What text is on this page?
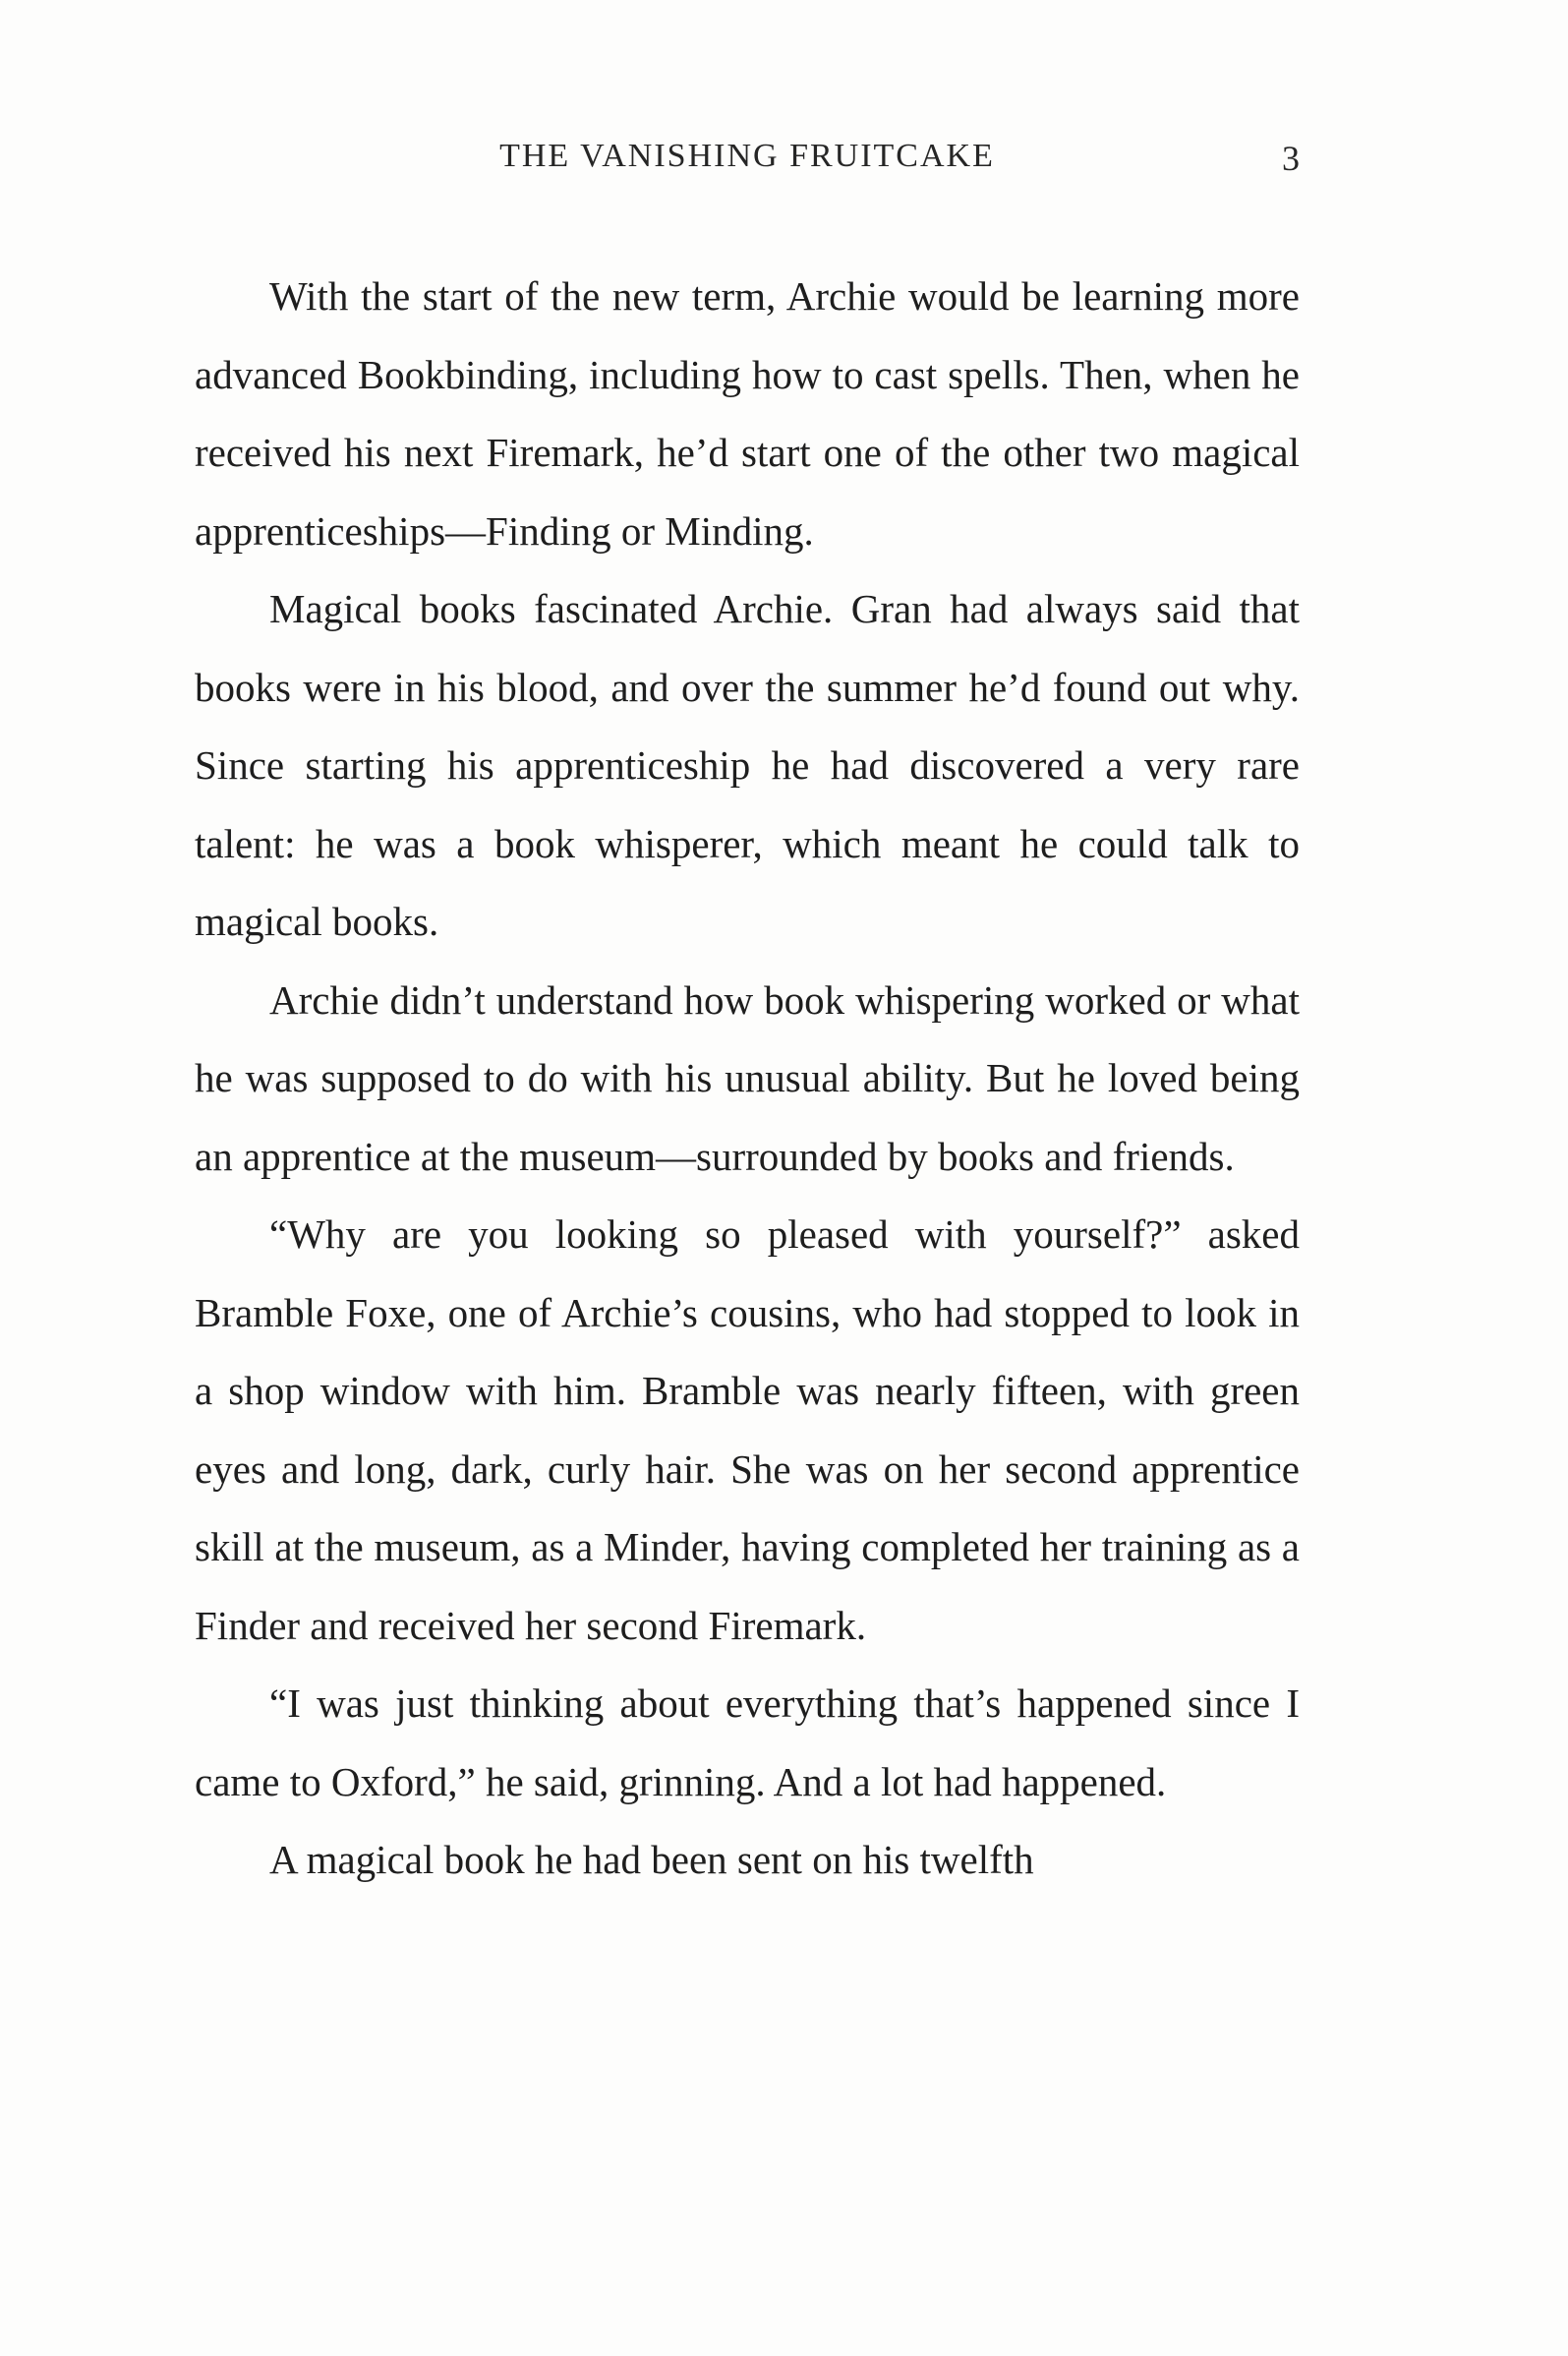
THE VANISHING FRUITCAKE	3

With the start of the new term, Archie would be learning more advanced Bookbinding, including how to cast spells. Then, when he received his next Firemark, he’d start one of the other two magical apprenticeships—Finding or Minding.

Magical books fascinated Archie. Gran had always said that books were in his blood, and over the summer he’d found out why. Since starting his apprenticeship he had discovered a very rare talent: he was a book whisperer, which meant he could talk to magical books.

Archie didn’t understand how book whispering worked or what he was supposed to do with his unusual ability. But he loved being an apprentice at the museum—surrounded by books and friends.

“Why are you looking so pleased with yourself?” asked Bramble Foxe, one of Archie’s cousins, who had stopped to look in a shop window with him. Bramble was nearly fifteen, with green eyes and long, dark, curly hair. She was on her second apprentice skill at the museum, as a Minder, having completed her training as a Finder and received her second Firemark.

“I was just thinking about everything that’s happened since I came to Oxford,” he said, grinning. And a lot had happened.

A magical book he had been sent on his twelfth
